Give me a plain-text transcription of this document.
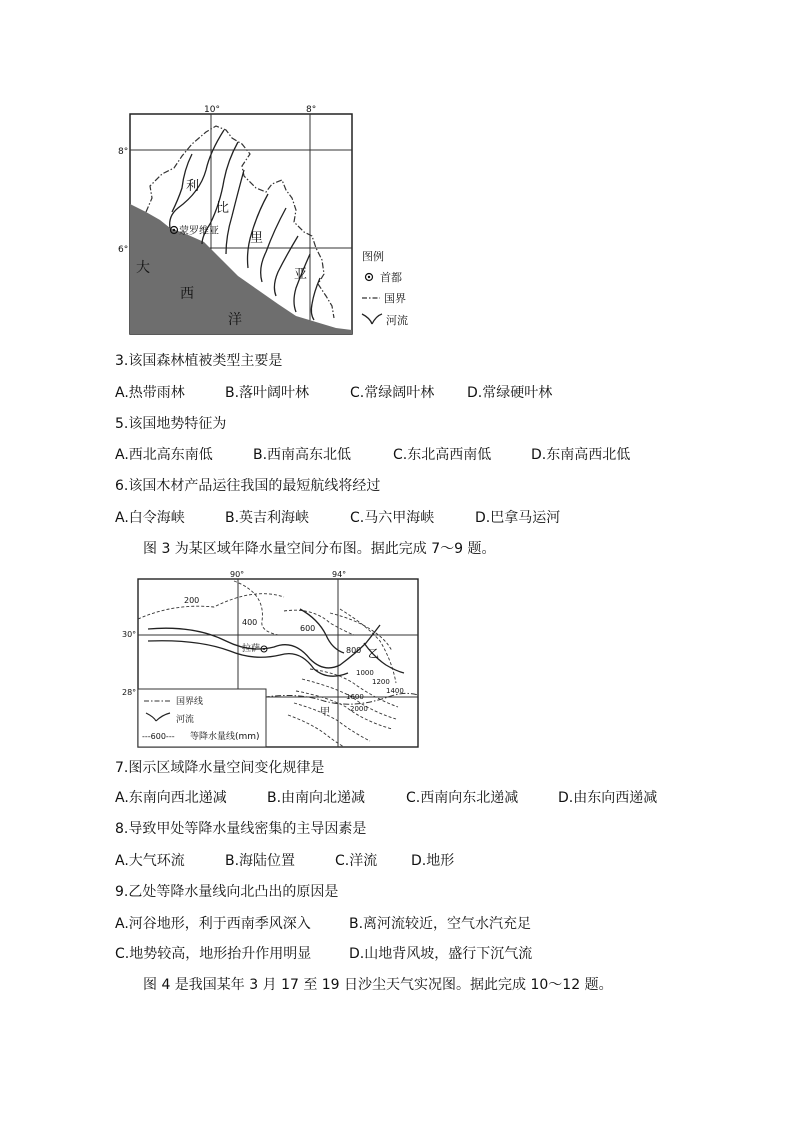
蒙罗维亚
10°	8°
8°
6°
利
比
里
亚
大
西
洋
图例
首都
国界
河流
3.该国森林植被类型主要是
A.热带雨林	B.落叶阔叶林	C.常绿阔叶林 D.常绿硬叶林
5.该国地势特征为
A.西北高东南低	B.西南高东北低	C.东北高西南低	D.东南高西北低
6.该国木材产品运往我国的最短航线将经过
A.白令海峡	B.英吉利海峡	C.马六甲海峡	D.巴拿马运河
图 3 为某区域年降水量空间分布图。据此完成 7～9 题。
90°	94°
30°
28°
200
400
600
800
1000
1200
1400
1600
2000
拉萨	乙
甲
国界线
河流
---600--- 等降水量线(mm)
7.图示区域降水量空间变化规律是
A.东南向西北递减	B.由南向北递减	C.西南向东北递减	D.由东向西递减
8.导致甲处等降水量线密集的主导因素是
A.大气环流	B.海陆位置	C.洋流 D.地形
9.乙处等降水量线向北凸出的原因是
A.河谷地形，利于西南季风深入	B.离河流较近，空气水汽充足
C.地势较高，地形抬升作用明显	D.山地背风坡，盛行下沉气流
图 4 是我国某年 3 月 17 至 19 日沙尘天气实况图。据此完成 10～12 题。
